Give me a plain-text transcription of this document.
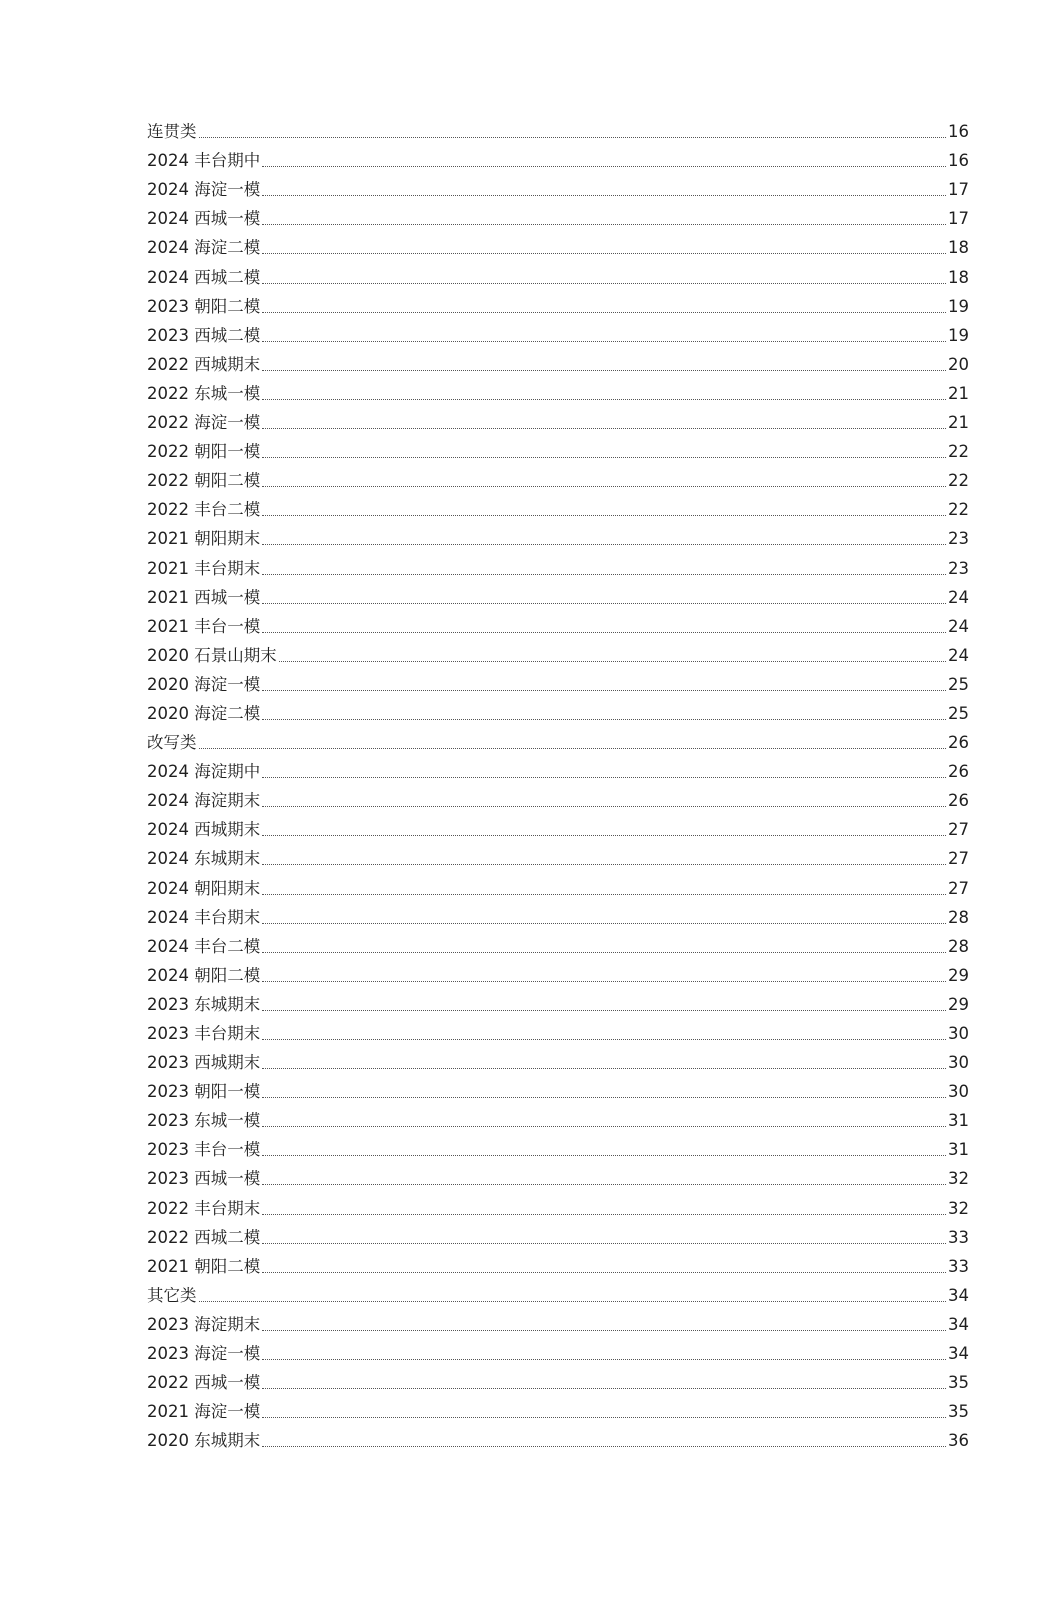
连贯类	16
2024 丰台期中	16
2024 海淀一模	17
2024 西城一模	17
2024 海淀二模	18
2024 西城二模	18
2023 朝阳二模	19
2023 西城二模	19
2022 西城期末	20
2022 东城一模	21
2022 海淀一模	21
2022 朝阳一模	22
2022 朝阳二模	22
2022 丰台二模	22
2021 朝阳期末	23
2021 丰台期末	23
2021 西城一模	24
2021 丰台一模	24
2020 石景山期末	24
2020 海淀一模	25
2020 海淀二模	25
改写类	26
2024 海淀期中	26
2024 海淀期末	26
2024 西城期末	27
2024 东城期末	27
2024 朝阳期末	27
2024 丰台期末	28
2024 丰台二模	28
2024 朝阳二模	29
2023 东城期末	29
2023 丰台期末	30
2023 西城期末	30
2023 朝阳一模	30
2023 东城一模	31
2023 丰台一模	31
2023 西城一模	32
2022 丰台期末	32
2022 西城二模	33
2021 朝阳二模	33
其它类	34
2023 海淀期末	34
2023 海淀一模	34
2022 西城一模	35
2021 海淀一模	35
2020 东城期末	36
